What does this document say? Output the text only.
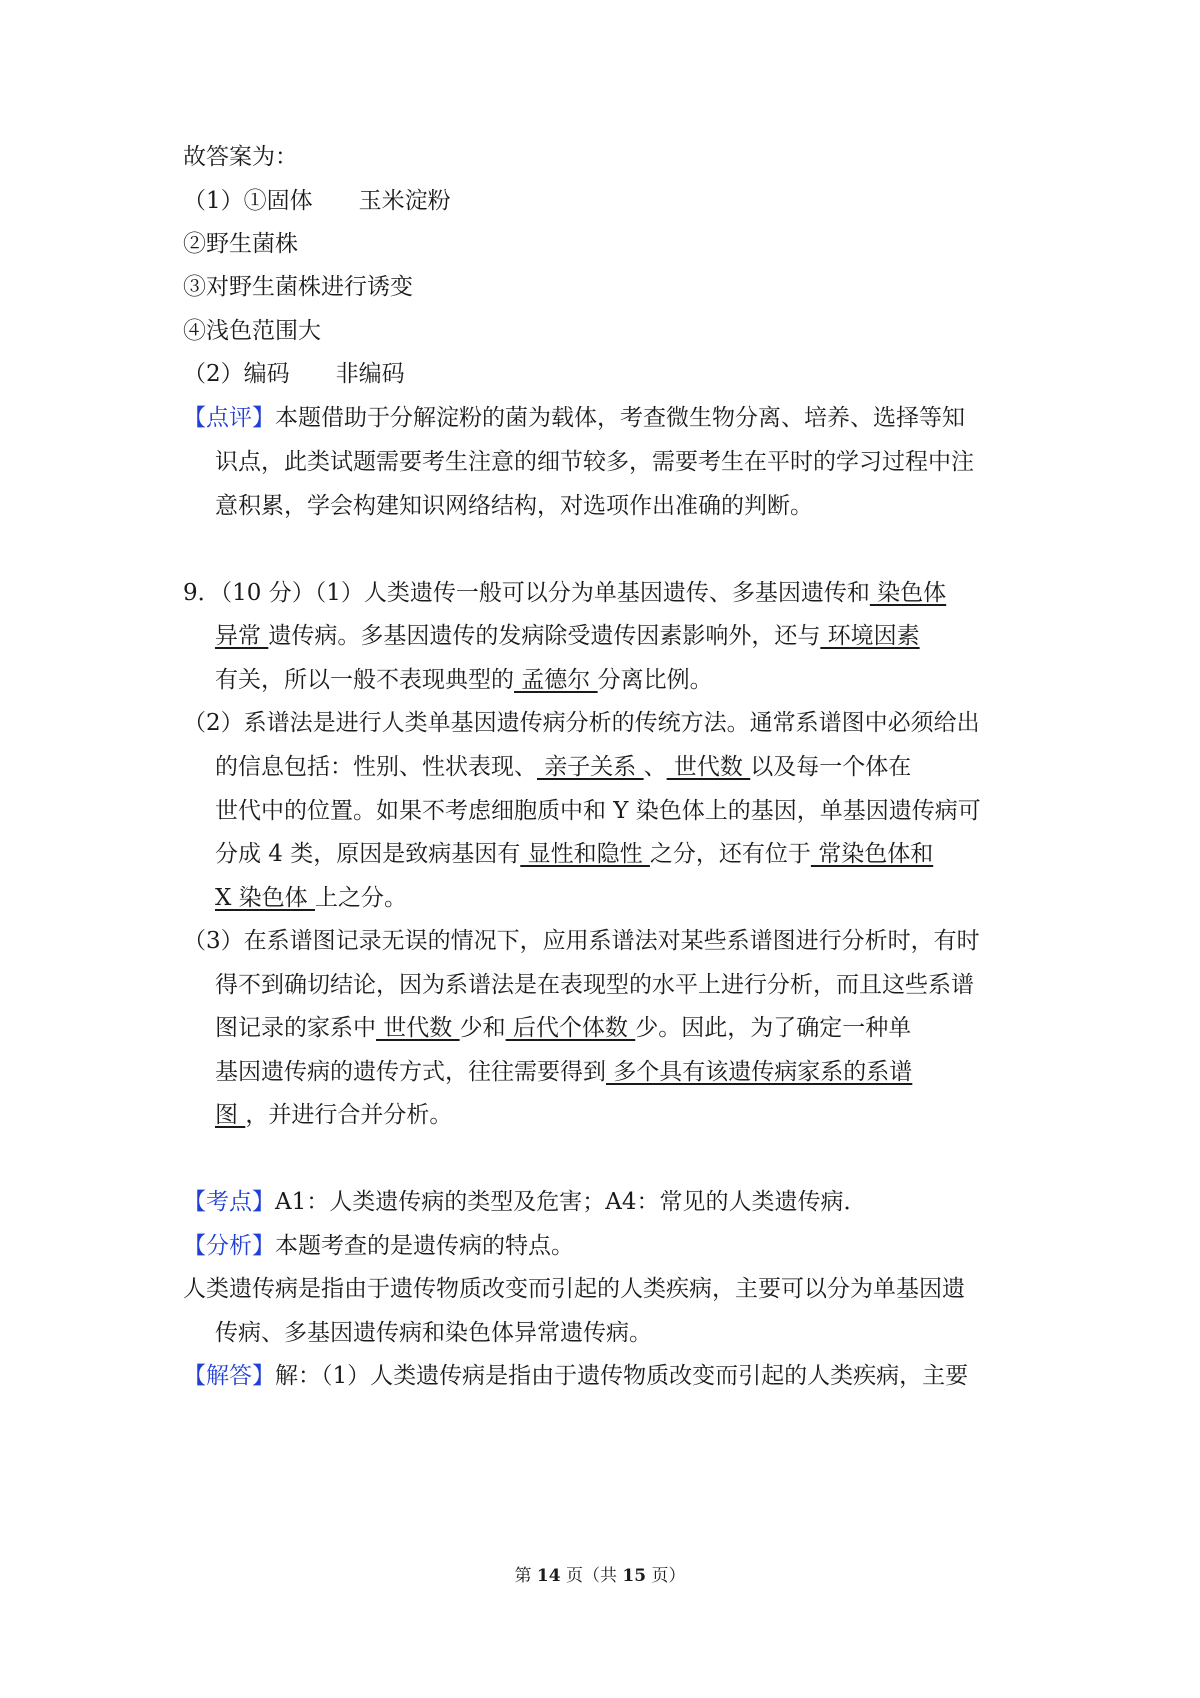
故答案为：
（1）①固体　　玉米淀粉
②野生菌株
③对野生菌株进行诱变
④浅色范围大
（2）编码　　非编码
【点评】本题借助于分解淀粉的菌为载体，考查微生物分离、培养、选择等知
识点，此类试题需要考生注意的细节较多，需要考生在平时的学习过程中注
意积累，学会构建知识网络结构，对选项作出准确的判断。
9．（10 分）（1）人类遗传一般可以分为单基因遗传、多基因遗传和 染色体
异常 遗传病。多基因遗传的发病除受遗传因素影响外，还与 环境因素
有关，所以一般不表现典型的 孟德尔 分离比例。
（2）系谱法是进行人类单基因遗传病分析的传统方法。通常系谱图中必须给出
的信息包括：性别、性状表现、 亲子关系 、 世代数 以及每一个体在
世代中的位置。如果不考虑细胞质中和 Y 染色体上的基因，单基因遗传病可
分成 4 类，原因是致病基因有 显性和隐性 之分，还有位于 常染色体和
X 染色体 上之分。
（3）在系谱图记录无误的情况下，应用系谱法对某些系谱图进行分析时，有时
得不到确切结论，因为系谱法是在表现型的水平上进行分析，而且这些系谱
图记录的家系中 世代数 少和 后代个体数 少。因此，为了确定一种单
基因遗传病的遗传方式，往往需要得到 多个具有该遗传病家系的系谱
图 ，并进行合并分析。
【考点】A1：人类遗传病的类型及危害；A4：常见的人类遗传病．
【分析】本题考查的是遗传病的特点。
人类遗传病是指由于遗传物质改变而引起的人类疾病，主要可以分为单基因遗
传病、多基因遗传病和染色体异常遗传病。
【解答】解：（1）人类遗传病是指由于遗传物质改变而引起的人类疾病，主要
第 14 页（共 15 页）
